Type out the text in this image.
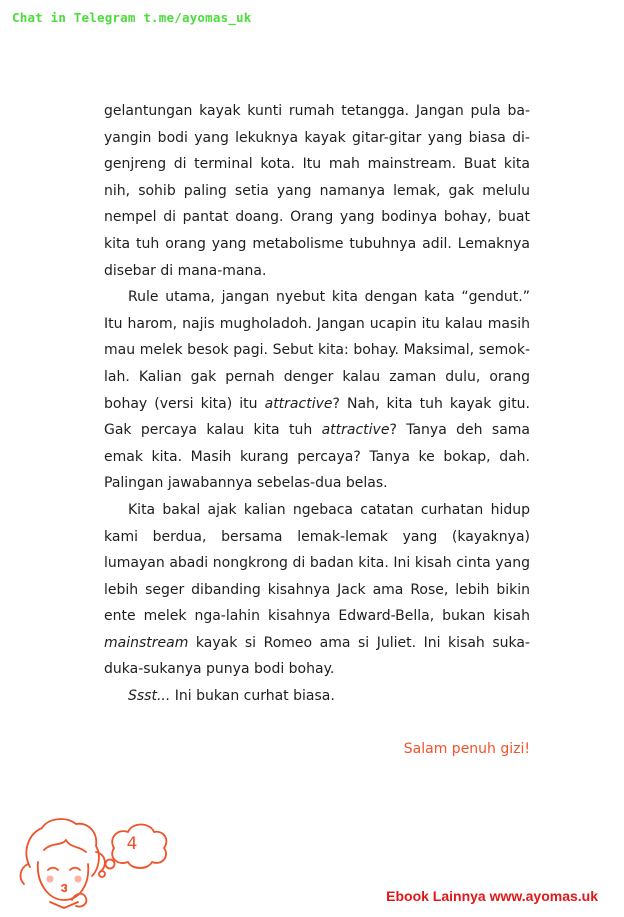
Chat in Telegram t.me/ayomas_uk

gelantungan kayak kunti rumah tetangga. Jangan pula ba-yangin bodi yang lekuknya kayak gitar-gitar yang biasa di-genjreng di terminal kota. Itu mah mainstream. Buat kita nih, sohib paling setia yang namanya lemak, gak melulu nempel di pantat doang. Orang yang bodinya bohay, buat kita tuh orang yang metabolisme tubuhnya adil. Lemaknya disebar di mana-mana.

Rule utama, jangan nyebut kita dengan kata “gendut.” Itu harom, najis mugholadoh. Jangan ucapin itu kalau masih mau melek besok pagi. Sebut kita: bohay. Maksimal, semok-lah. Kalian gak pernah denger kalau zaman dulu, orang bohay (versi kita) itu attractive? Nah, kita tuh kayak gitu. Gak percaya kalau kita tuh attractive? Tanya deh sama emak kita. Masih kurang percaya? Tanya ke bokap, dah. Palingan jawabannya sebelas-dua belas.

Kita bakal ajak kalian ngebaca catatan curhatan hidup kami berdua, bersama lemak-lemak yang (kayaknya) lumayan abadi nongkrong di badan kita. Ini kisah cinta yang lebih seger dibanding kisahnya Jack ama Rose, lebih bikin ente melek nga-lahin kisahnya Edward-Bella, bukan kisah mainstream kayak si Romeo ama si Juliet. Ini kisah suka-duka-sukanya punya bodi bohay.

Ssst... Ini bukan curhat biasa.

Salam penuh gizi!
4
Ebook Lainnya www.ayomas.uk
